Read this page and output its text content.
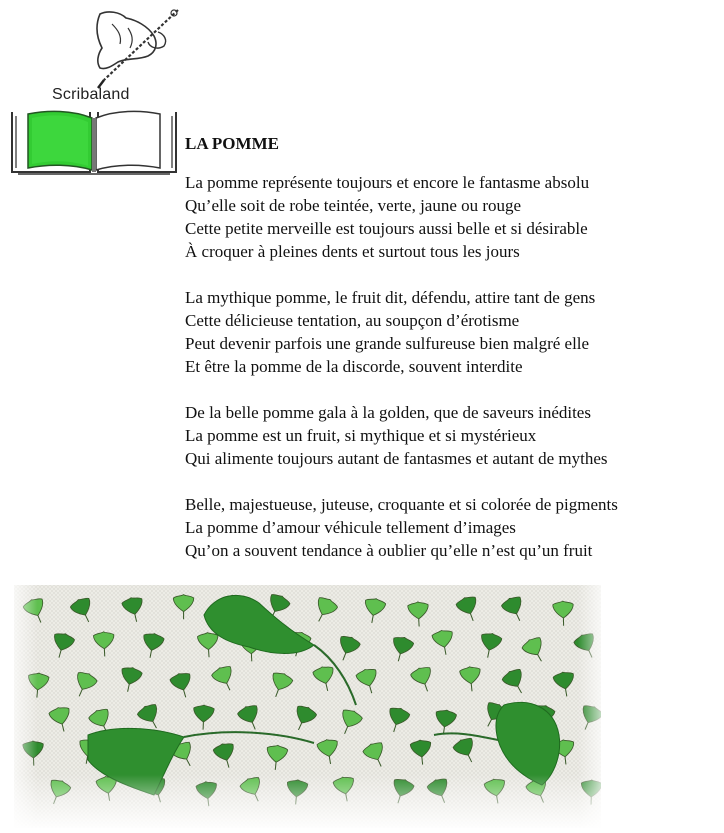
Scribaland
LA POMME
La pomme représente toujours et encore le fantasme absolu
Qu’elle soit de robe teintée, verte, jaune ou rouge
Cette petite merveille est toujours aussi belle et si désirable
À croquer à pleines dents et surtout tous les jours
La mythique pomme, le fruit dit, défendu, attire tant de gens
Cette délicieuse tentation, au soupçon d’érotisme
Peut devenir parfois une grande sulfureuse bien malgré elle
Et être la pomme de la discorde, souvent interdite
De la belle pomme gala à la golden, que de saveurs inédites
La pomme est un fruit, si mythique et si mystérieux
Qui alimente toujours autant de fantasmes et autant de mythes
Belle, majestueuse, juteuse, croquante et si colorée de pigments
La pomme d’amour véhicule tellement d’images
Qu’on a souvent tendance à oublier qu’elle n’est qu’un fruit
